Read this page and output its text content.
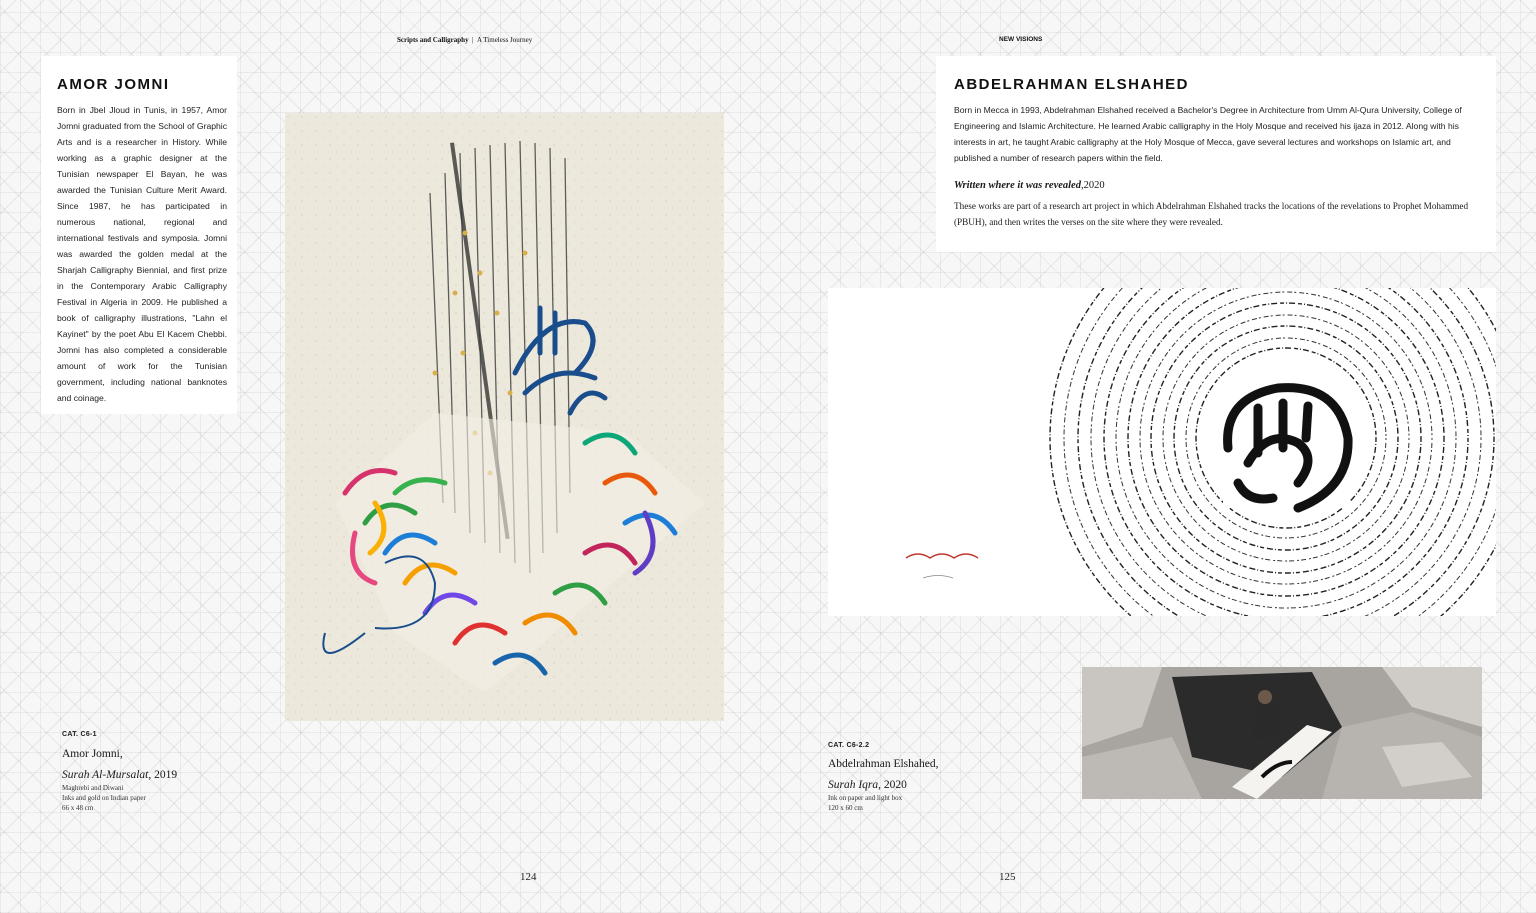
Scripts and Calligraphy | A Timeless Journey	NEW VISIONS
AMOR JOMNI
Born in Jbel Jloud in Tunis, in 1957, Amor Jomni graduated from the School of Graphic Arts and is a researcher in History. While working as a graphic designer at the Tunisian newspaper El Bayan, he was awarded the Tunisian Culture Merit Award. Since 1987, he has participated in numerous national, regional and international festivals and symposia. Jomni was awarded the golden medal at the Sharjah Calligraphy Biennial, and first prize in the Contemporary Arabic Calligraphy Festival in Algeria in 2009. He published a book of calligraphy illustrations, "Lahn el Kayinet" by the poet Abu El Kacem Chebbi. Jomni has also completed a considerable amount of work for the Tunisian government, including national banknotes and coinage.
CAT. C6-1
Amor Jomni,
Surah Al-Mursalat, 2019
Maghrebi and Diwani
Inks and gold on Indian paper
66 x 48 cm
124
ABDELRAHMAN ELSHAHED
Born in Mecca in 1993, Abdelrahman Elshahed received a Bachelor's Degree in Architecture from Umm Al-Qura University, College of Engineering and Islamic Architecture. He learned Arabic calligraphy in the Holy Mosque and received his ijaza in 2012. Along with his interests in art, he taught Arabic calligraphy at the Holy Mosque of Mecca, gave several lectures and workshops on Islamic art, and published a number of research papers within the field.
Written where it was revealed,2020
These works are part of a research art project in which Abdelrahman Elshahed tracks the locations of the revelations to Prophet Mohammed (PBUH), and then writes the verses on the site where they were revealed.
CAT. C6-2.2
Abdelrahman Elshahed,
Surah Iqra, 2020
Ink on paper and light box
120 x 60 cm
125
